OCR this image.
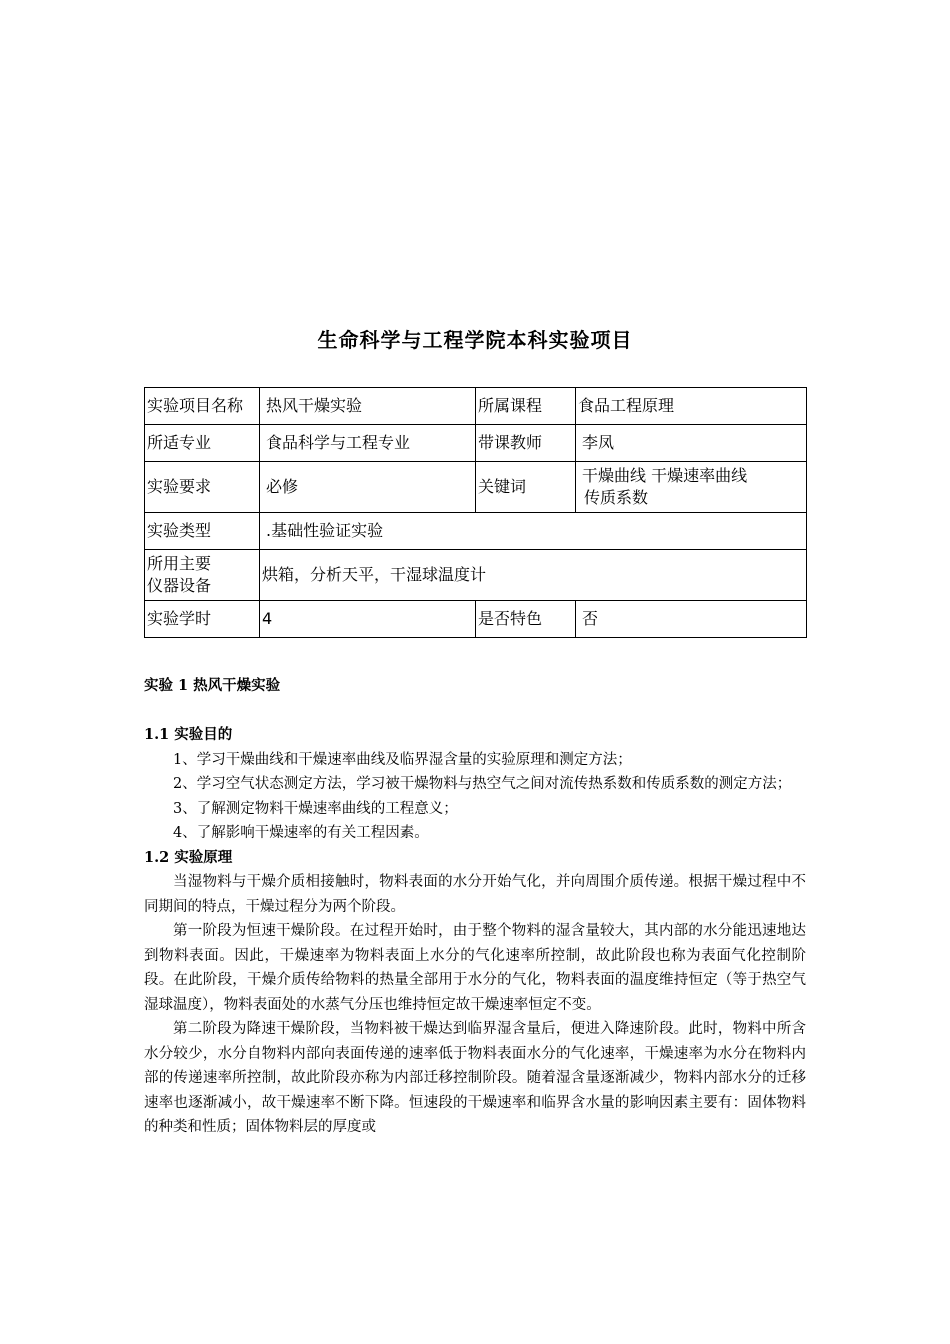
生命科学与工程学院本科实验项目
实验项目名称	热风干燥实验	所属课程	食品工程原理
所适专业	食品科学与工程专业	带课教师	李凤
实验要求	必修	关键词	干燥曲线 干燥速率曲线
传质系数

实验类型	.基础性验证实验		

所用主要
仪器设备	烘箱，分析天平，干湿球温度计		
实验学时	4	是否特色	否
实验 1 热风干燥实验
1.1 实验目的

1、学习干燥曲线和干燥速率曲线及临界湿含量的实验原理和测定方法；

2、学习空气状态测定方法，学习被干燥物料与热空气之间对流传热系数和传质系数的测定方法；

3、了解测定物料干燥速率曲线的工程意义；

4、了解影响干燥速率的有关工程因素。

1.2 实验原理

当湿物料与干燥介质相接触时，物料表面的水分开始气化，并向周围介质传递。根据干燥过程中不同期间的特点，干燥过程分为两个阶段。

第一阶段为恒速干燥阶段。在过程开始时，由于整个物料的湿含量较大，其内部的水分能迅速地达到物料表面。因此，干燥速率为物料表面上水分的气化速率所控制，故此阶段也称为表面气化控制阶段。在此阶段，干燥介质传给物料的热量全部用于水分的气化，物料表面的温度维持恒定（等于热空气湿球温度），物料表面处的水蒸气分压也维持恒定故干燥速率恒定不变。

第二阶段为降速干燥阶段，当物料被干燥达到临界湿含量后，便进入降速阶段。此时，物料中所含水分较少，水分自物料内部向表面传递的速率低于物料表面水分的气化速率，干燥速率为水分在物料内部的传递速率所控制，故此阶段亦称为内部迁移控制阶段。随着湿含量逐渐减少，物料内部水分的迁移速率也逐渐减小，故干燥速率不断下降。恒速段的干燥速率和临界含水量的影响因素主要有：固体物料的种类和性质；固体物料层的厚度或
